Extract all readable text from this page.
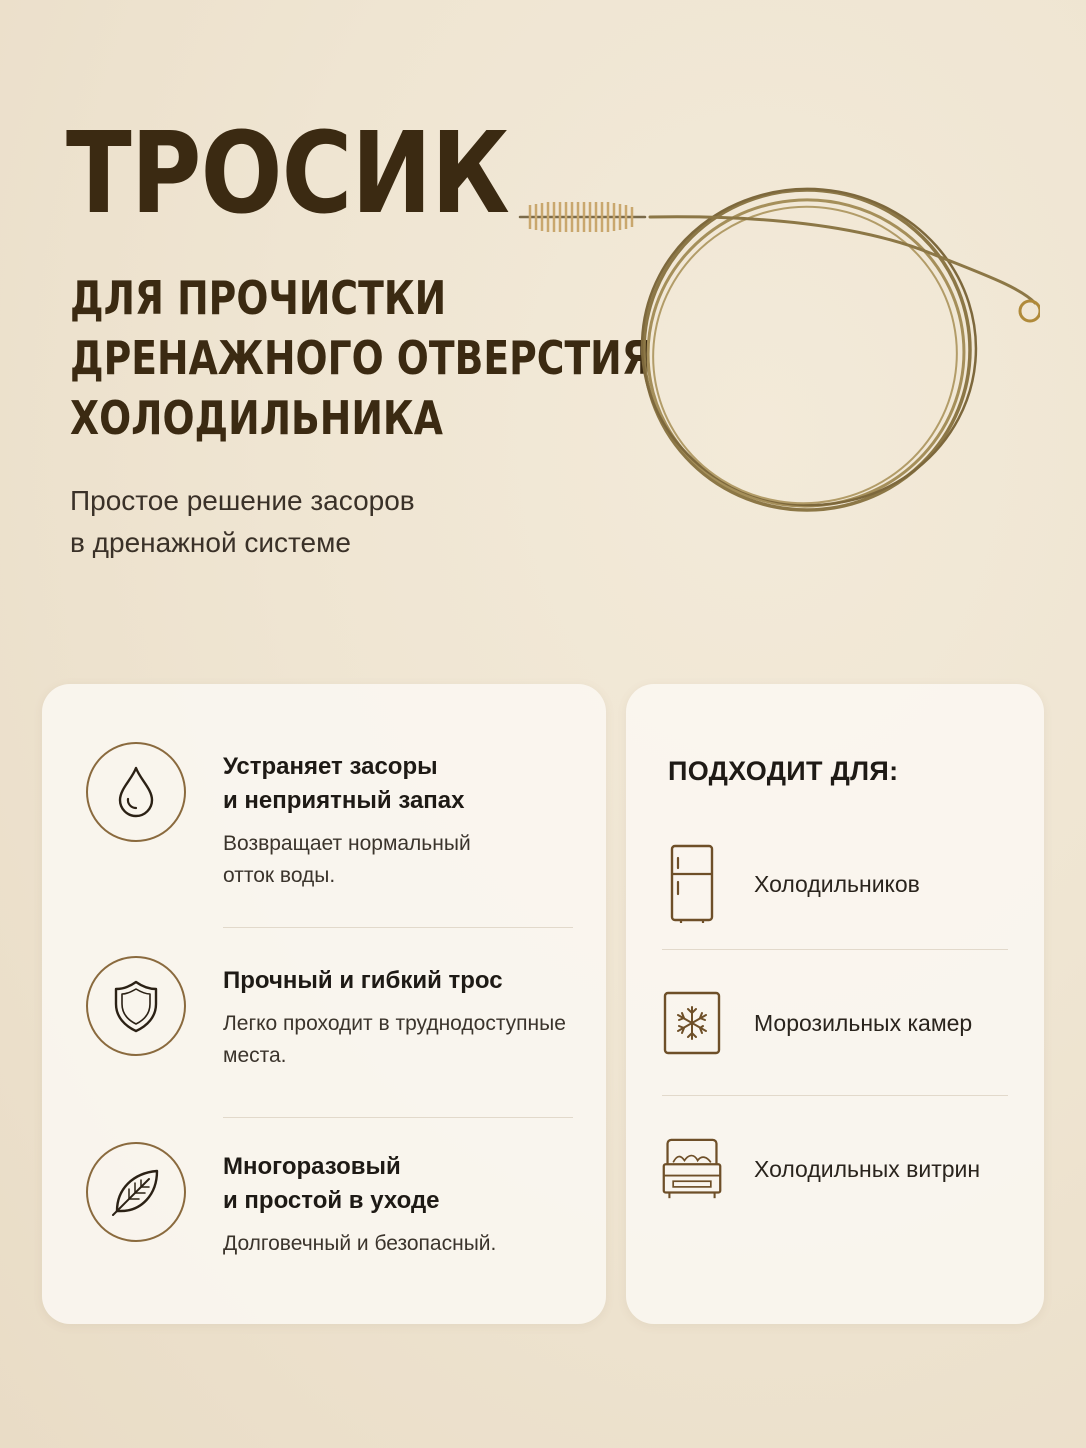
ТРОСИК
ДЛЯ ПРОЧИСТКИ
ДРЕНАЖНОГО ОТВЕРСТИЯ
ХОЛОДИЛЬНИКА

Простое решение засоров
в дренажной системе

Устраняет засоры
и неприятный запах

Возвращает нормальный
отток воды.

Прочный и гибкий трос

Легко проходит в труднодоступные
места.

Многоразовый
и простой в уходе

Долговечный и безопасный.

ПОДХОДИТ ДЛЯ:

Холодильников

Морозильных камер

Холодильных витрин
